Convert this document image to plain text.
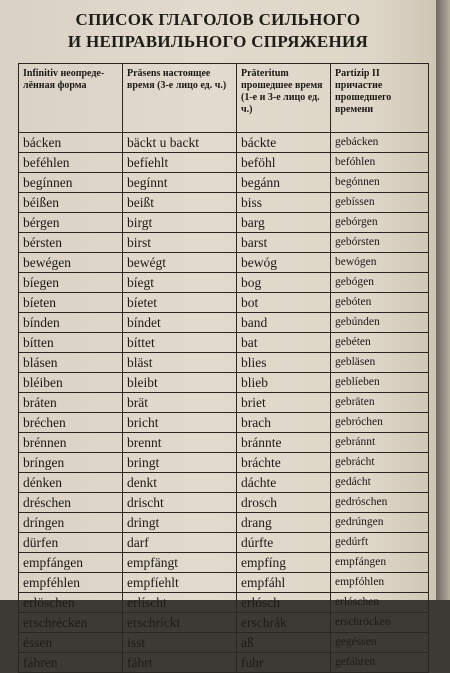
СПИСОК ГЛАГОЛОВ СИЛЬНОГО
И НЕПРАВИЛЬНОГО СПРЯЖЕНИЯ
Infinitiv неопреде-лённая форма	Präsens настоящее время (3-е лицо ед. ч.)	Präteritum прошедшее время (1-е и 3-е лицо ед. ч.)	Partizip II причастие прошедшего времени
bácken	bäckt u backt	báckte	gebácken
beféhlen	befíehlt	beföhl	befóhlen
begínnen	begínnt	begánn	begónnen
béißen	beißt	biss	gebíssen
bérgen	birgt	barg	gebórgen
bérsten	birst	barst	gebórsten
bewégen	bewégt	bewóg	bewógen
bíegen	bíegt	bog	gebógen
bíeten	bíetet	bot	gebóten
bínden	bíndet	band	gebúnden
bítten	bíttet	bat	gebéten
blásen	bläst	blies	gebläsen
bléiben	bleibt	blieb	geblíeben
bráten	brät	briet	gebräten
bréchen	bricht	brach	gebróchen
brénnen	brennt	bránnte	gebránnt
bríngen	bringt	bráchte	gebrácht
dénken	denkt	dáchte	gedácht
dréschen	drischt	drosch	gedróschen
dríngen	dringt	drang	gedrúngen
dürfen	darf	dúrfte	gedúrft
empfángen	empfängt	empfíng	empfángen
empféhlen	empfíehlt	empfáhl	empfóhlen
erlöschen	erlíscht	erlósch	erlóschen
erschrécken	erschríckt	erschrák	erschrócken
éssen	isst	aß	gegéssen
fáhren	fährt	fuhr	gefáhren
